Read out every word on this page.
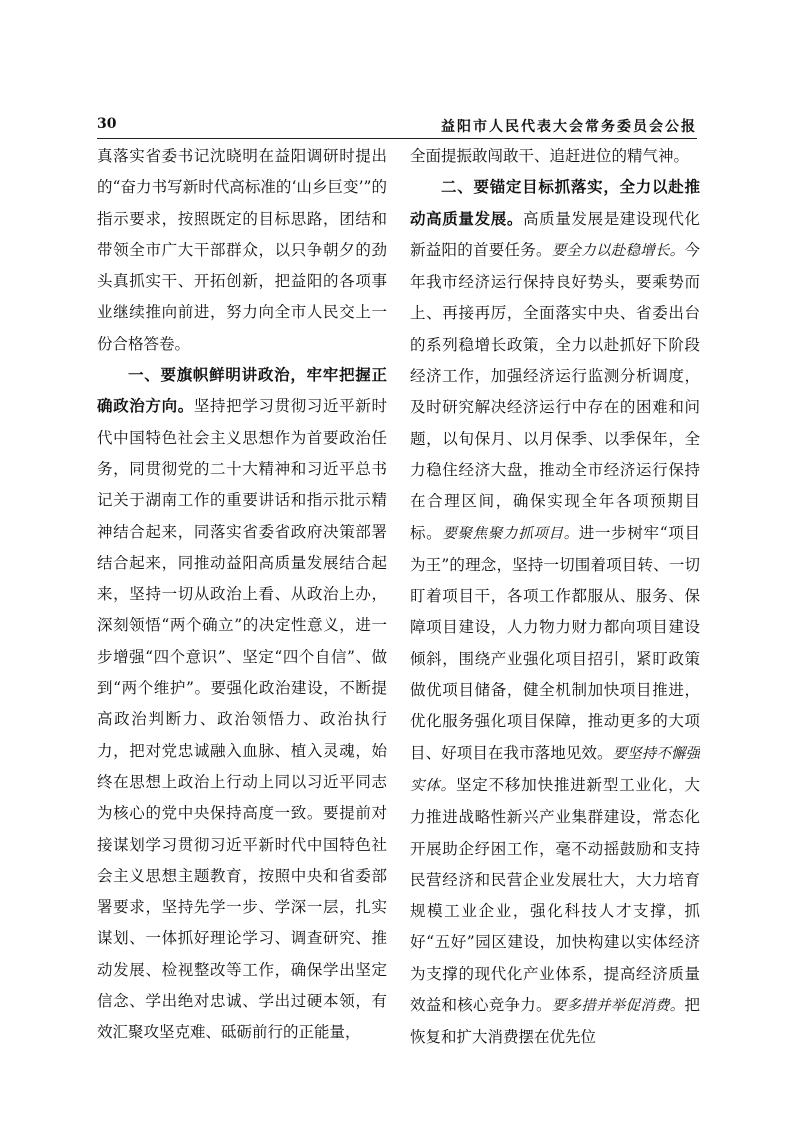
30	益阳市人民代表大会常务委员会公报

真落实省委书记沈晓明在益阳调研时提出的“奋力书写新时代高标准的‘山乡巨变’”的指示要求，按照既定的目标思路，团结和带领全市广大干部群众，以只争朝夕的劲头真抓实干、开拓创新，把益阳的各项事业继续推向前进，努力向全市人民交上一份合格答卷。

一、要旗帜鲜明讲政治，牢牢把握正确政治方向。坚持把学习贯彻习近平新时代中国特色社会主义思想作为首要政治任务，同贯彻党的二十大精神和习近平总书记关于湖南工作的重要讲话和指示批示精神结合起来，同落实省委省政府决策部署结合起来，同推动益阳高质量发展结合起来，坚持一切从政治上看、从政治上办，深刻领悟“两个确立”的决定性意义，进一步增强“四个意识”、坚定“四个自信”、做到“两个维护”。要强化政治建设，不断提高政治判断力、政治领悟力、政治执行力，把对党忠诚融入血脉、植入灵魂，始终在思想上政治上行动上同以习近平同志为核心的党中央保持高度一致。要提前对接谋划学习贯彻习近平新时代中国特色社会主义思想主题教育，按照中央和省委部署要求，坚持先学一步、学深一层，扎实谋划、一体抓好理论学习、调查研究、推动发展、检视整改等工作，确保学出坚定信念、学出绝对忠诚、学出过硬本领，有效汇聚攻坚克难、砥砺前行的正能量，

全面提振敢闯敢干、追赶进位的精气神。

二、要锚定目标抓落实，全力以赴推动高质量发展。高质量发展是建设现代化新益阳的首要任务。要全力以赴稳增长。今年我市经济运行保持良好势头，要乘势而上、再接再厉，全面落实中央、省委出台的系列稳增长政策，全力以赴抓好下阶段经济工作，加强经济运行监测分析调度，及时研究解决经济运行中存在的困难和问题，以旬保月、以月保季、以季保年，全力稳住经济大盘，推动全市经济运行保持在合理区间，确保实现全年各项预期目标。要聚焦聚力抓项目。进一步树牢“项目为王”的理念，坚持一切围着项目转、一切盯着项目干，各项工作都服从、服务、保障项目建设，人力物力财力都向项目建设倾斜，围绕产业强化项目招引，紧盯政策做优项目储备，健全机制加快项目推进，优化服务强化项目保障，推动更多的大项目、好项目在我市落地见效。要坚持不懈强实体。坚定不移加快推进新型工业化，大力推进战略性新兴产业集群建设，常态化开展助企纾困工作，毫不动摇鼓励和支持民营经济和民营企业发展壮大，大力培育规模工业企业，强化科技人才支撑，抓好“五好”园区建设，加快构建以实体经济为支撑的现代化产业体系，提高经济质量效益和核心竞争力。要多措并举促消费。把恢复和扩大消费摆在优先位
